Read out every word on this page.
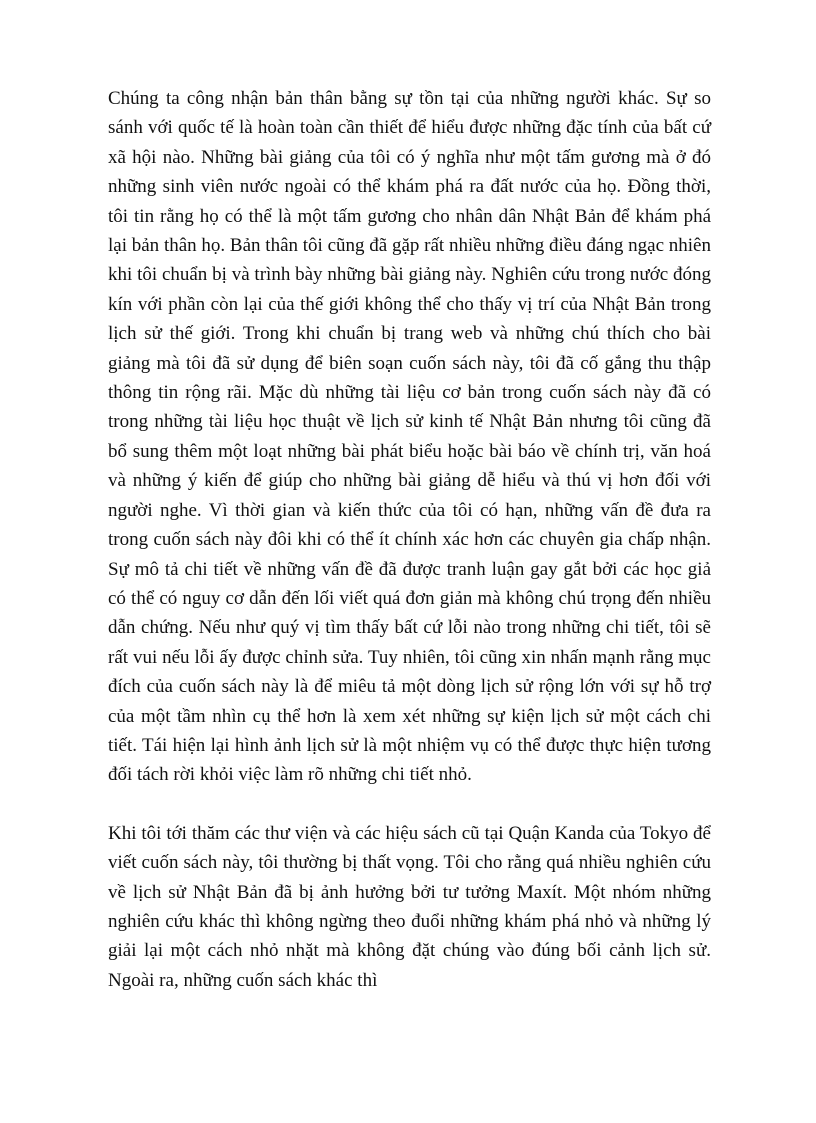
Chúng ta công nhận bản thân bằng sự tồn tại của những người khác. Sự so sánh với quốc tế là hoàn toàn cần thiết để hiểu được những đặc tính của bất cứ xã hội nào. Những bài giảng của tôi có ý nghĩa như một tấm gương mà ở đó những sinh viên nước ngoài có thể khám phá ra đất nước của họ. Đồng thời, tôi tin rằng họ có thể là một tấm gương cho nhân dân Nhật Bản để khám phá lại bản thân họ. Bản thân tôi cũng đã gặp rất nhiều những điều đáng ngạc nhiên khi tôi chuẩn bị và trình bày những bài giảng này. Nghiên cứu trong nước đóng kín với phần còn lại của thế giới không thể cho thấy vị trí của Nhật Bản trong lịch sử thế giới. Trong khi chuẩn bị trang web và những chú thích cho bài giảng mà tôi đã sử dụng để biên soạn cuốn sách này, tôi đã cố gắng thu thập thông tin rộng rãi. Mặc dù những tài liệu cơ bản trong cuốn sách này đã có trong những tài liệu học thuật về lịch sử kinh tế Nhật Bản nhưng tôi cũng đã bổ sung thêm một loạt những bài phát biểu hoặc bài báo về chính trị, văn hoá và những ý kiến để giúp cho những bài giảng dễ hiểu và thú vị hơn đối với người nghe. Vì thời gian và kiến thức của tôi có hạn, những vấn đề đưa ra trong cuốn sách này đôi khi có thể ít chính xác hơn các chuyên gia chấp nhận. Sự mô tả chi tiết về những vấn đề đã được tranh luận gay gắt bởi các học giả có thể có nguy cơ dẫn đến lối viết quá đơn giản mà không chú trọng đến nhiều dẫn chứng. Nếu như quý vị tìm thấy bất cứ lỗi nào trong những chi tiết, tôi sẽ rất vui nếu lỗi ấy được chỉnh sửa. Tuy nhiên, tôi cũng xin nhấn mạnh rằng mục đích của cuốn sách này là để miêu tả một dòng lịch sử rộng lớn với sự hỗ trợ của một tầm nhìn cụ thể hơn là xem xét những sự kiện lịch sử một cách chi tiết. Tái hiện lại hình ảnh lịch sử là một nhiệm vụ có thể được thực hiện tương đối tách rời khỏi việc làm rõ những chi tiết nhỏ.

Khi tôi tới thăm các thư viện và các hiệu sách cũ tại Quận Kanda của Tokyo để viết cuốn sách này, tôi thường bị thất vọng. Tôi cho rằng quá nhiều nghiên cứu về lịch sử Nhật Bản đã bị ảnh hưởng bởi tư tưởng Maxít. Một nhóm những nghiên cứu khác thì không ngừng theo đuổi những khám phá nhỏ và những lý giải lại một cách nhỏ nhặt mà không đặt chúng vào đúng bối cảnh lịch sử. Ngoài ra, những cuốn sách khác thì
